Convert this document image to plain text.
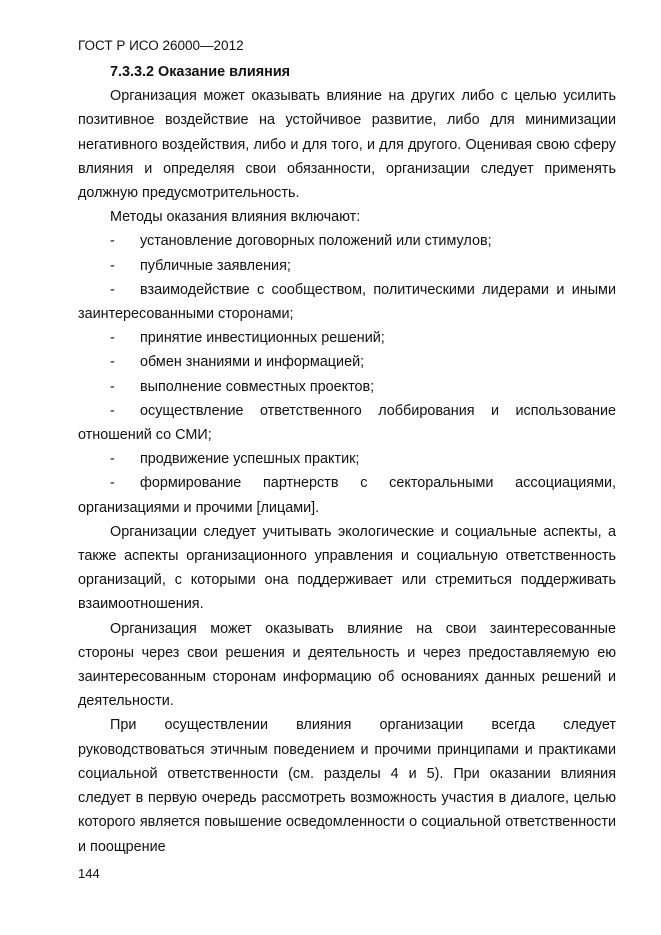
ГОСТ Р ИСО 26000—2012
7.3.3.2 Оказание влияния

Организация может оказывать влияние на других либо с целью усилить позитивное воздействие на устойчивое развитие, либо для минимизации негативного воздействия, либо и для того, и для другого. Оценивая свою сферу влияния и определяя свои обязанности, организации следует применять должную предусмотрительность.

Методы оказания влияния включают:

- установление договорных положений или стимулов;
- публичные заявления;
- взаимодействие с сообществом, политическими лидерами и иными заинтересованными сторонами;
- принятие инвестиционных решений;
- обмен знаниями и информацией;
- выполнение совместных проектов;
- осуществление ответственного лоббирования и использование отношений со СМИ;
- продвижение успешных практик;
- формирование партнерств с секторальными ассоциациями, организациями и прочими [лицами].

Организации следует учитывать экологические и социальные аспекты, а также аспекты организационного управления и социальную ответственность организаций, с которыми она поддерживает или стремиться поддерживать взаимоотношения.

Организация может оказывать влияние на свои заинтересованные стороны через свои решения и деятельность и через предоставляемую ею заинтересованным сторонам информацию об основаниях данных решений и деятельности.

При осуществлении влияния организации всегда следует руководствоваться этичным поведением и прочими принципами и практиками социальной ответственности (см. разделы 4 и 5). При оказании влияния следует в первую очередь рассмотреть возможность участия в диалоге, целью которого является повышение осведомленности о социальной ответственности и поощрение

144
